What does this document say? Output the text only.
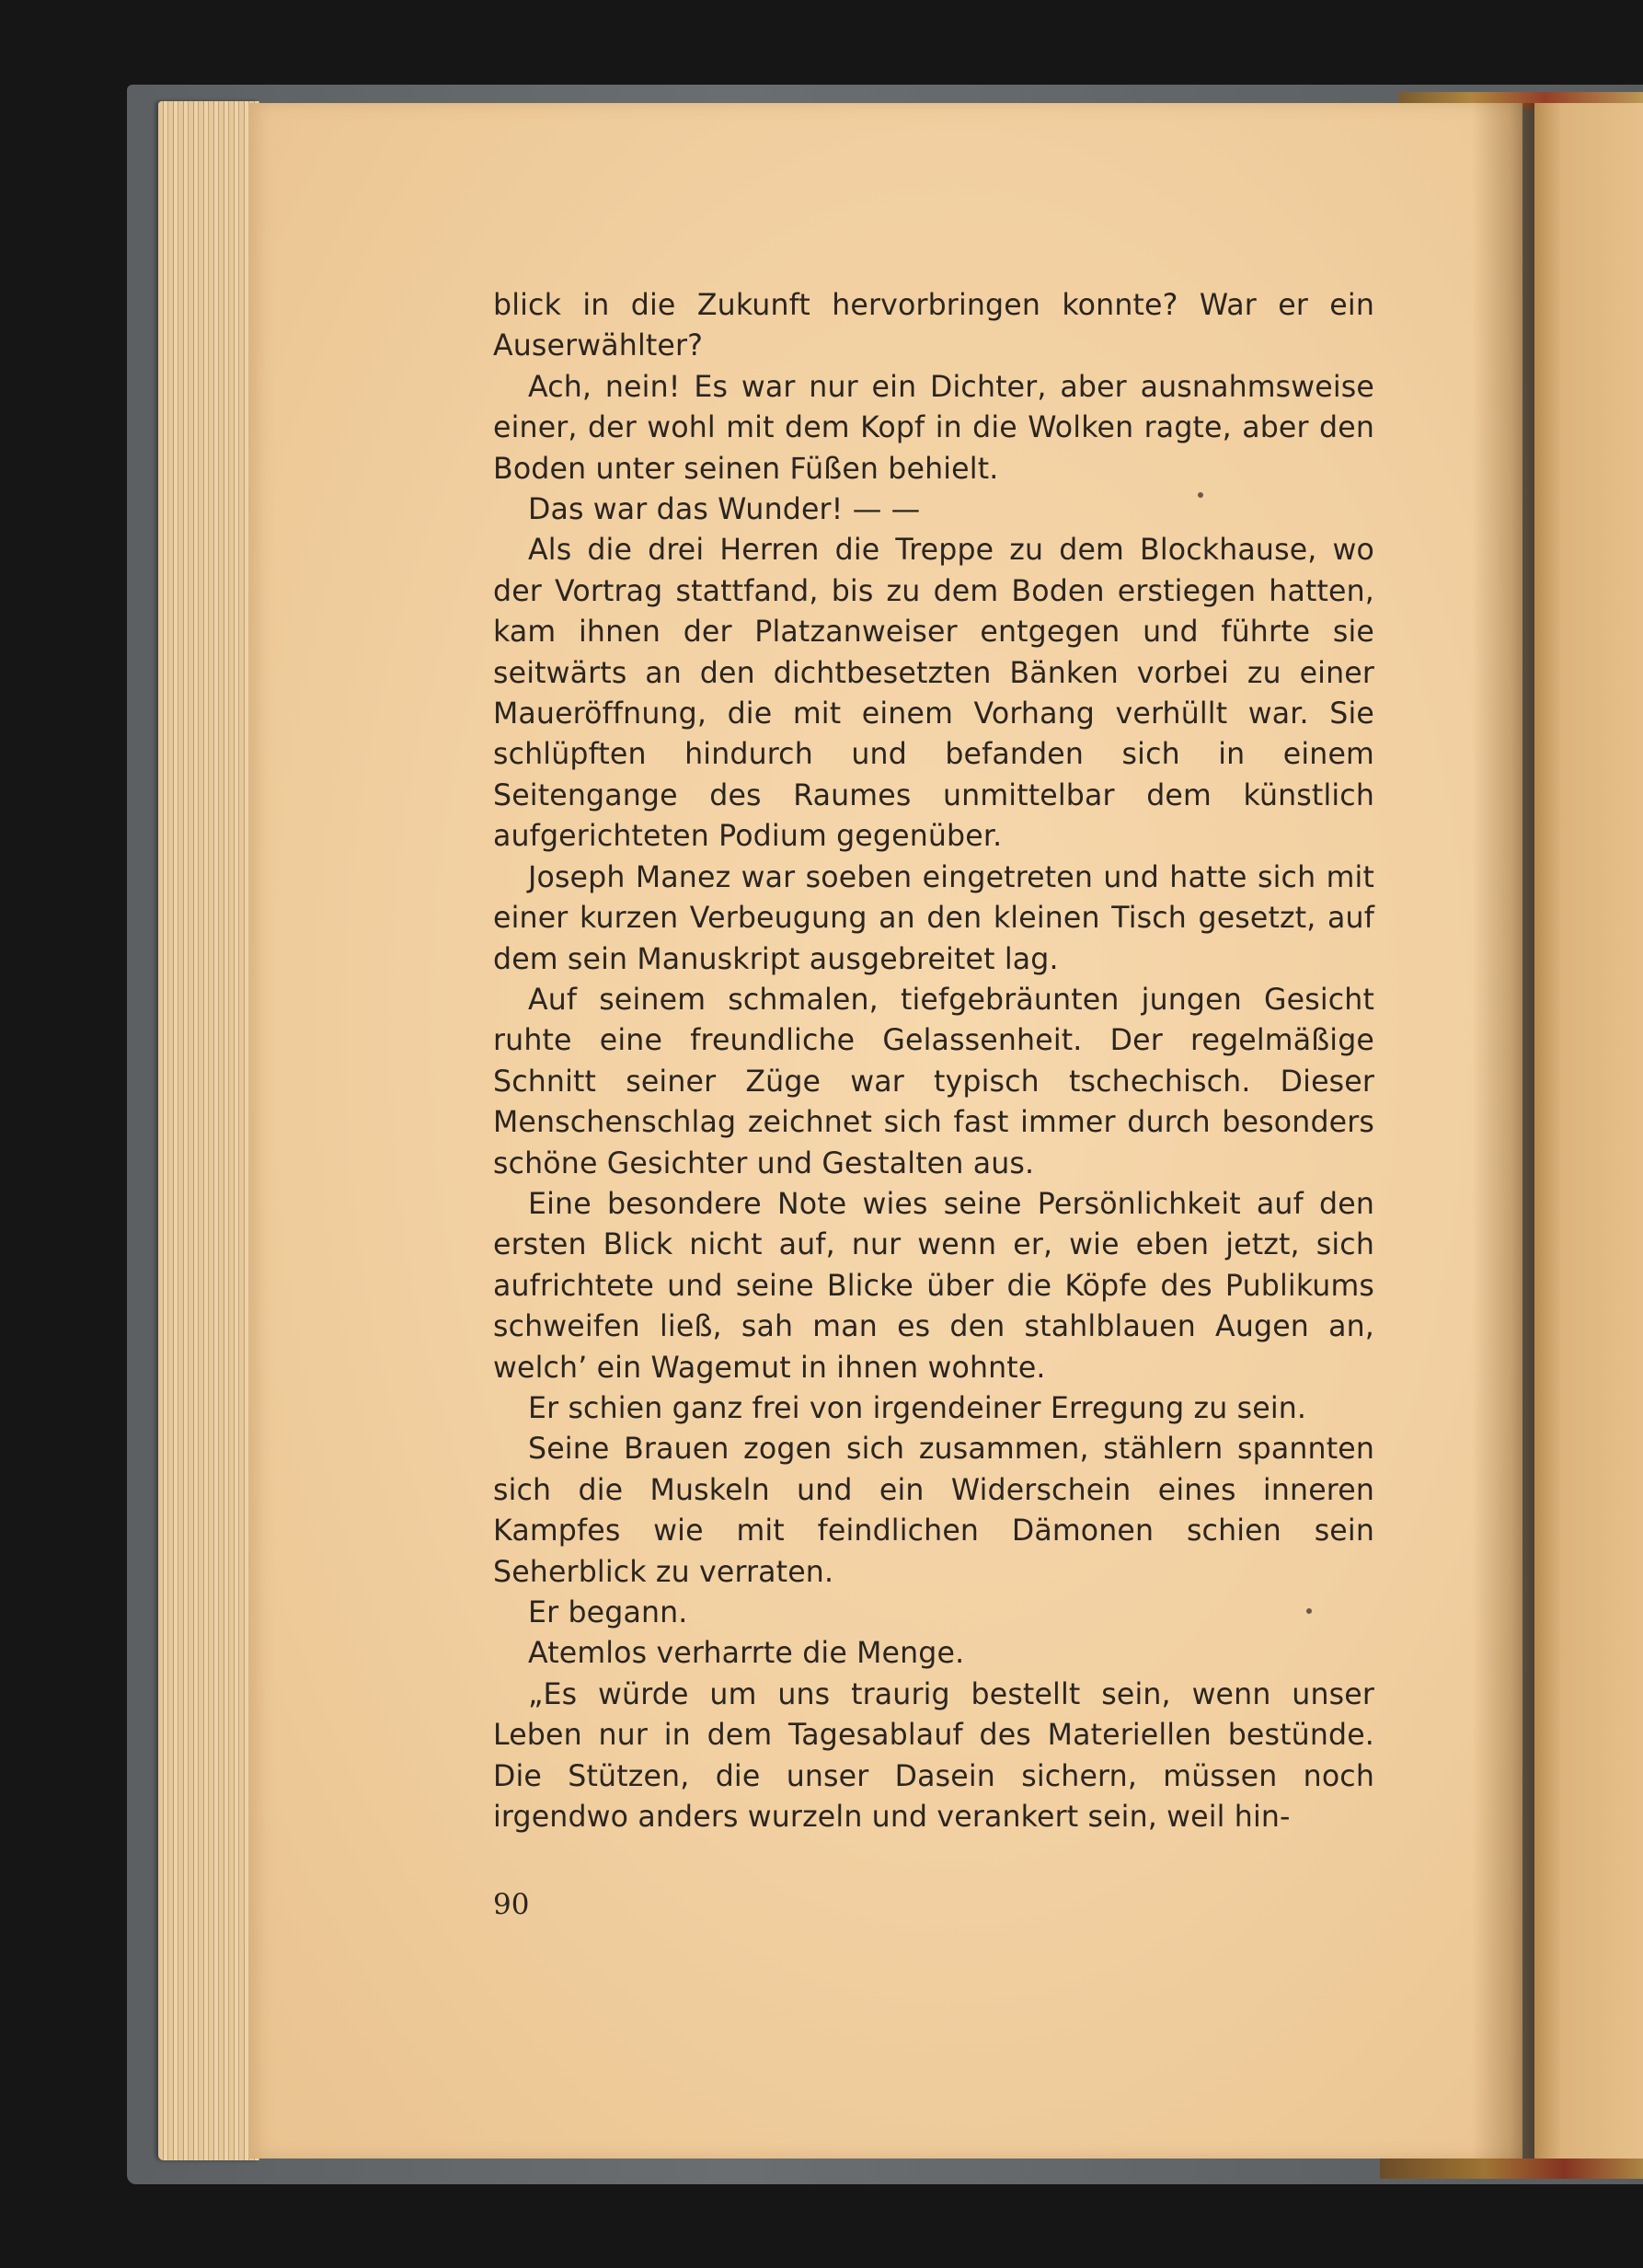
blick in die Zukunft hervorbringen konnte? War er ein Auserwählter?

Ach, nein! Es war nur ein Dichter, aber ausnahmsweise einer, der wohl mit dem Kopf in die Wolken ragte, aber den Boden unter seinen Füßen behielt.

Das war das Wunder! — —

Als die drei Herren die Treppe zu dem Blockhause, wo der Vortrag stattfand, bis zu dem Boden erstiegen hatten, kam ihnen der Platzanweiser entgegen und führte sie seitwärts an den dichtbesetzten Bänken vorbei zu einer Maueröffnung, die mit einem Vorhang verhüllt war. Sie schlüpften hindurch und befanden sich in einem Seitengange des Raumes unmittelbar dem künstlich aufgerichteten Podium gegenüber.

Joseph Manez war soeben eingetreten und hatte sich mit einer kurzen Verbeugung an den kleinen Tisch gesetzt, auf dem sein Manuskript ausgebreitet lag.

Auf seinem schmalen, tiefgebräunten jungen Gesicht ruhte eine freundliche Gelassenheit. Der regelmäßige Schnitt seiner Züge war typisch tschechisch. Dieser Menschenschlag zeichnet sich fast immer durch besonders schöne Gesichter und Gestalten aus.

Eine besondere Note wies seine Persönlichkeit auf den ersten Blick nicht auf, nur wenn er, wie eben jetzt, sich aufrichtete und seine Blicke über die Köpfe des Publikums schweifen ließ, sah man es den stahlblauen Augen an, welch’ ein Wagemut in ihnen wohnte.

Er schien ganz frei von irgendeiner Erregung zu sein.

Seine Brauen zogen sich zusammen, stählern spannten sich die Muskeln und ein Widerschein eines inneren Kampfes wie mit feindlichen Dämonen schien sein Seherblick zu verraten.

Er begann.

Atemlos verharrte die Menge.

„Es würde um uns traurig bestellt sein, wenn unser Leben nur in dem Tagesablauf des Materiellen bestünde. Die Stützen, die unser Dasein sichern, müssen noch irgendwo anders wurzeln und verankert sein, weil hin-

90
